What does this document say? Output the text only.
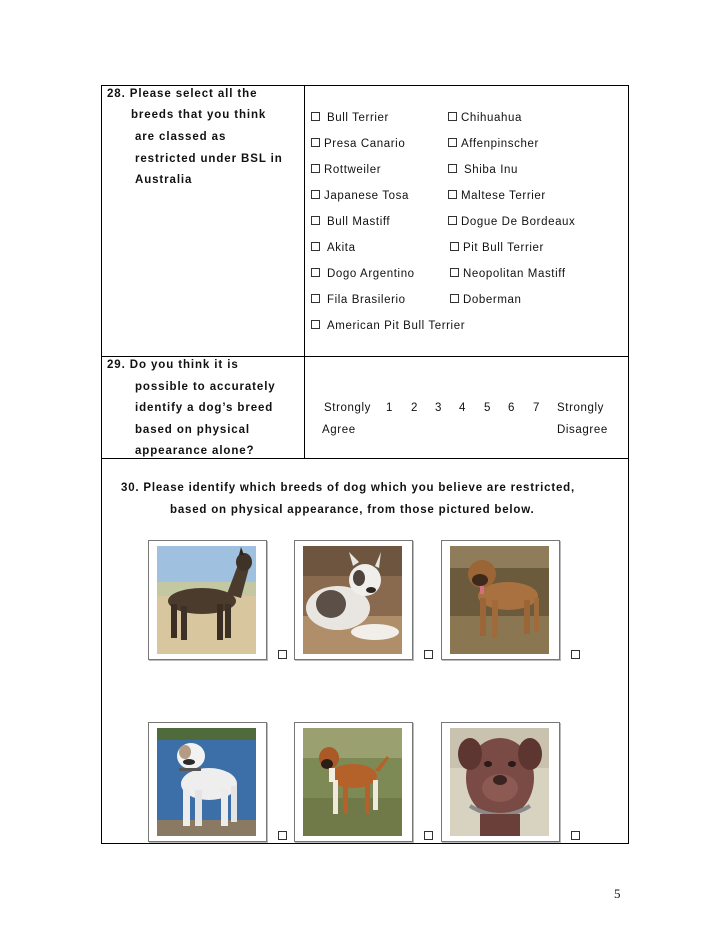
28. Please select all the
breeds that you think
are classed as
restricted under BSL in
Australia
Bull Terrier
Presa Canario
Rottweiler
Japanese Tosa
Bull Mastiff
Akita
Dogo Argentino
Fila Brasilerio
American Pit Bull Terrier
Chihuahua
Affenpinscher
Shiba Inu
Maltese Terrier
Dogue De Bordeaux
Pit Bull Terrier
Neopolitan Mastiff
Doberman
29. Do you think it is
possible to accurately
identify a dog’s breed
based on physical
appearance alone?
Strongly
Agree
1 2 3 4 5 6 7 Strongly
Disagree
30. Please identify which breeds of dog which you believe are restricted,
based on physical appearance, from those pictured below.
5
